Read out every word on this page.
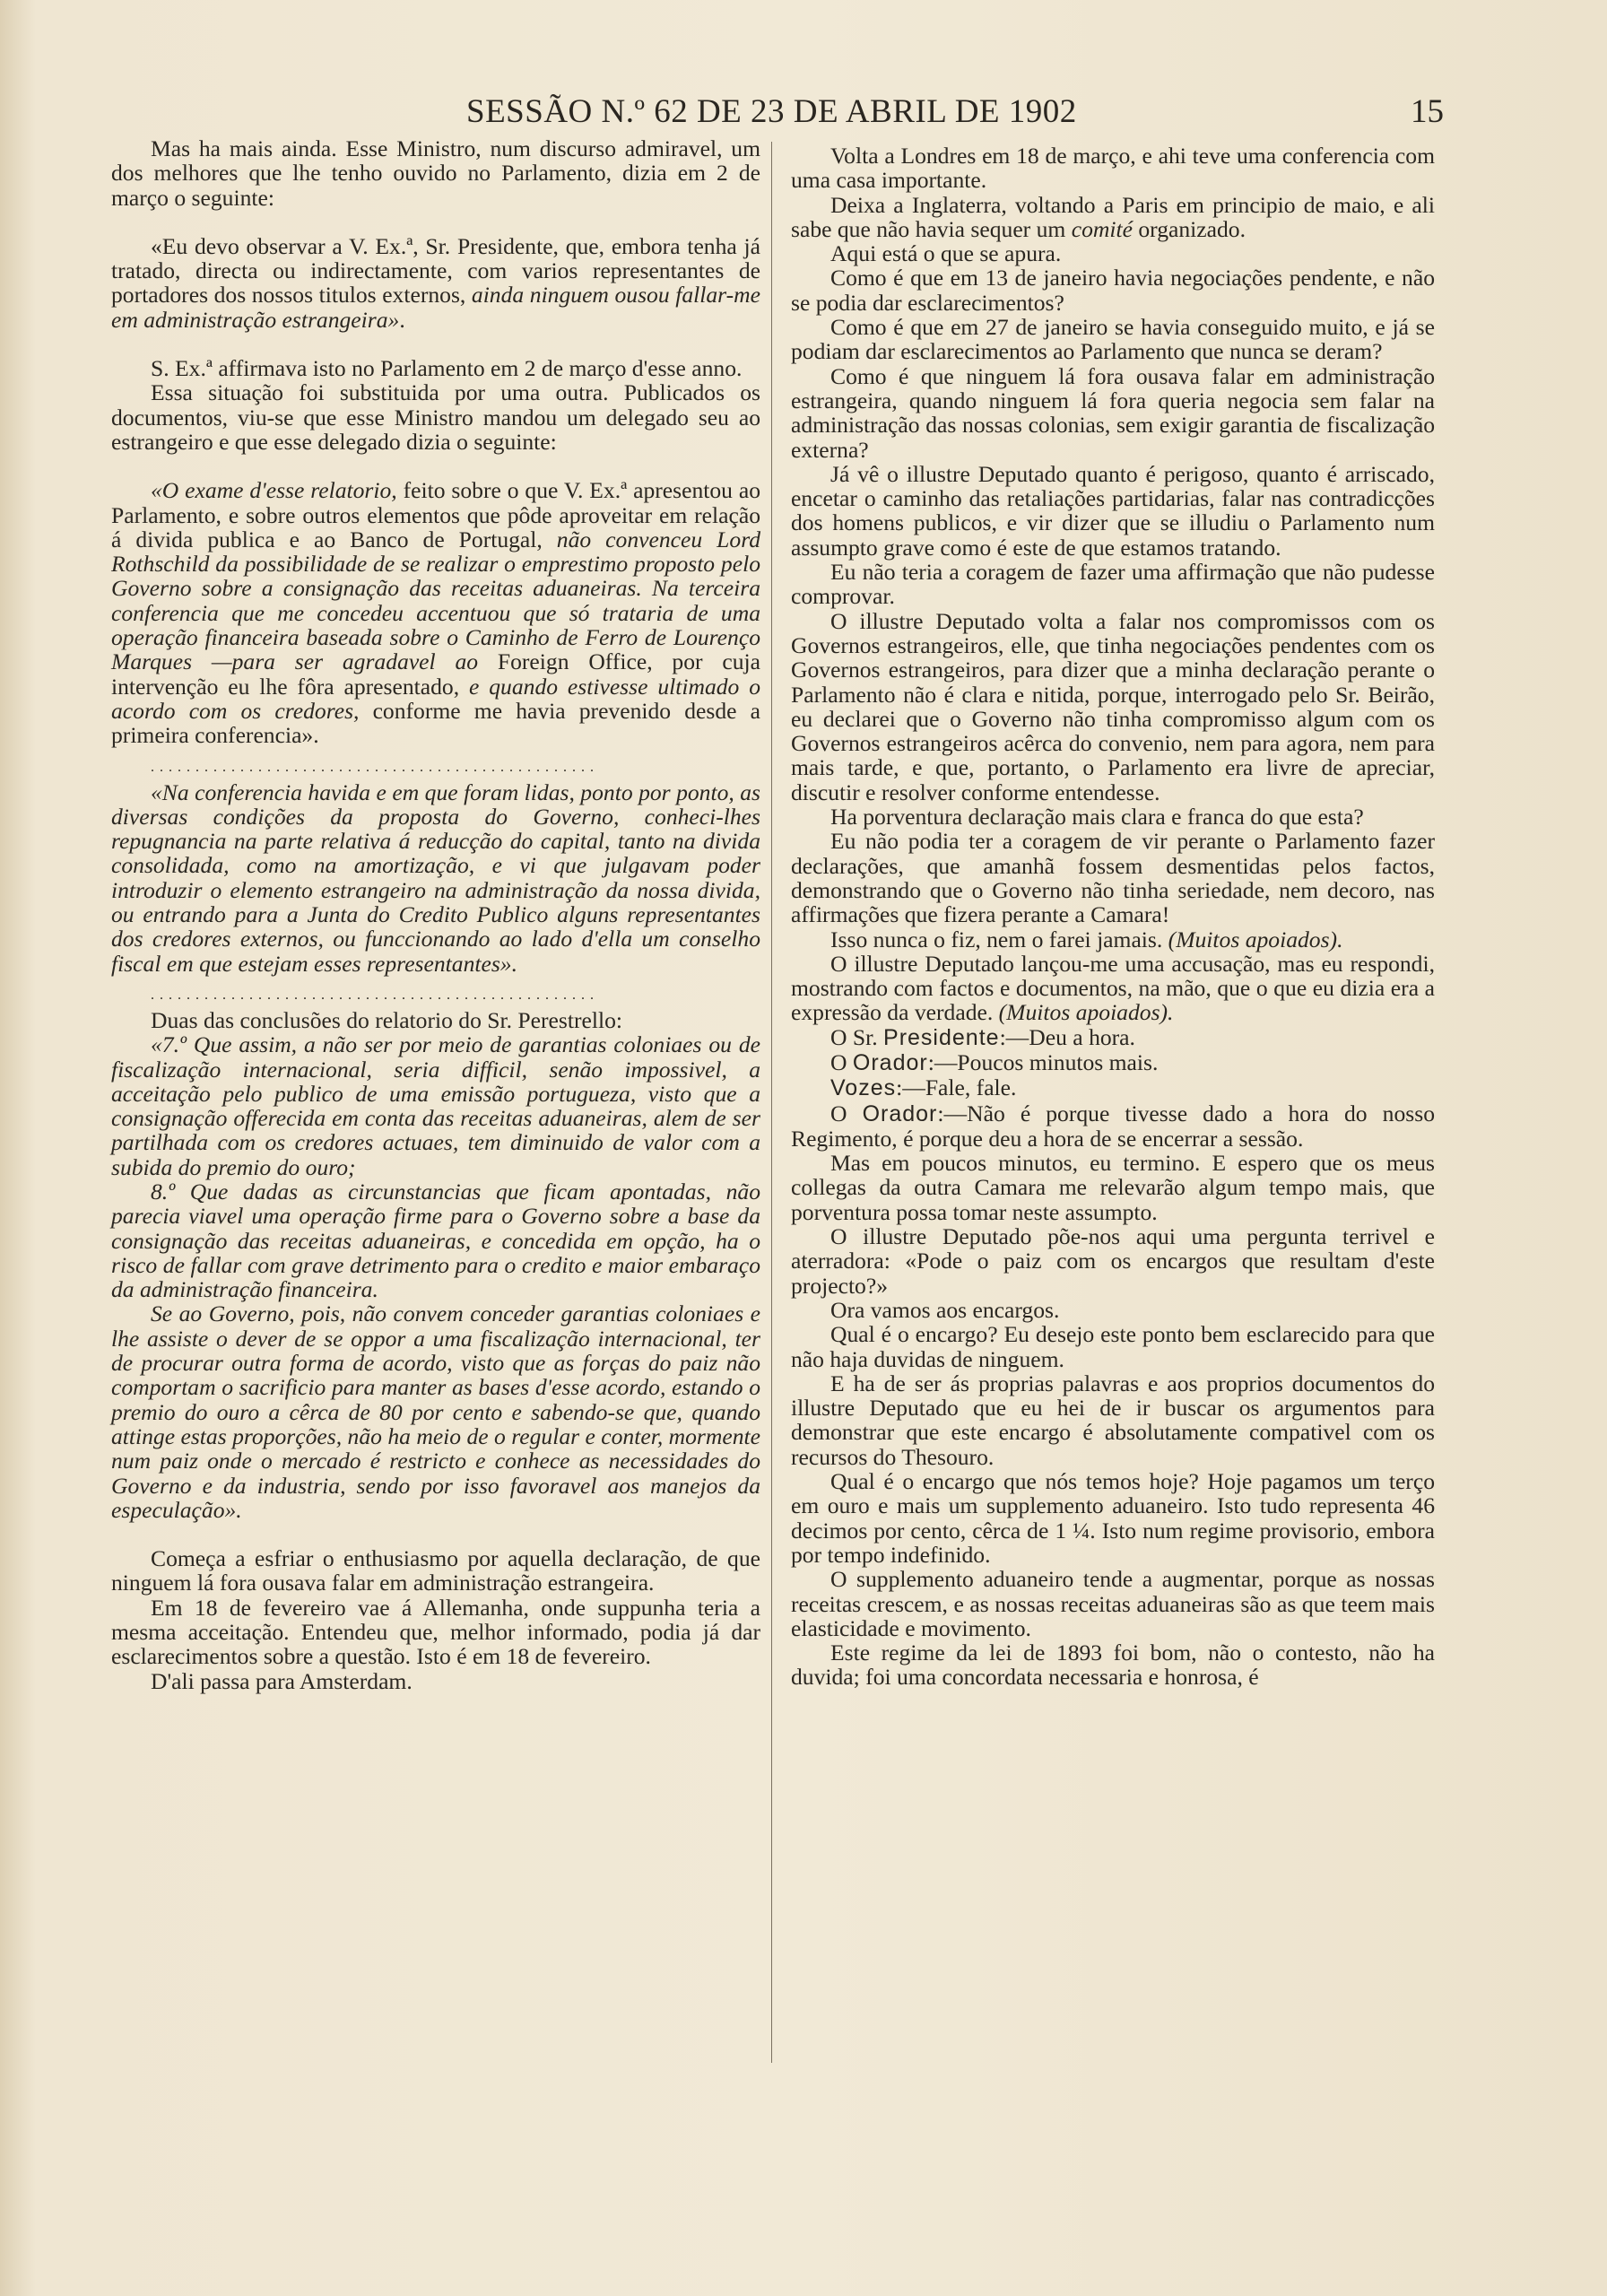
SESSÃO N.º 62 DE 23 DE ABRIL DE 1902	15

Mas ha mais ainda. Esse Ministro, num discurso admiravel, um dos melhores que lhe tenho ouvido no Parlamento, dizia em 2 de março o seguinte:

«Eu devo observar a V. Ex.ª, Sr. Presidente, que, embora tenha já tratado, directa ou indirectamente, com varios representantes de portadores dos nossos titulos externos, ainda ninguem ousou fallar-me em administração estrangeira».

S. Ex.ª affirmava isto no Parlamento em 2 de março d'esse anno.

Essa situação foi substituida por uma outra. Publicados os documentos, viu-se que esse Ministro mandou um delegado seu ao estrangeiro e que esse delegado dizia o seguinte:

«O exame d'esse relatorio, feito sobre o que V. Ex.ª apresentou ao Parlamento, e sobre outros elementos que pôde aproveitar em relação á divida publica e ao Banco de Portugal, não convenceu Lord Rothschild da possibilidade de se realizar o emprestimo proposto pelo Governo sobre a consignação das receitas aduaneiras. Na terceira conferencia que me concedeu accentuou que só trataria de uma operação financeira baseada sobre o Caminho de Ferro de Lourenço Marques —para ser agradavel ao Foreign Office, por cuja intervenção eu lhe fôra apresentado, e quando estivesse ultimado o acordo com os credores, conforme me havia prevenido desde a primeira conferencia».

..................................................

«Na conferencia havida e em que foram lidas, ponto por ponto, as diversas condições da proposta do Governo, conheci-lhes repugnancia na parte relativa á reducção do capital, tanto na divida consolidada, como na amortização, e vi que julgavam poder introduzir o elemento estrangeiro na administração da nossa divida, ou entrando para a Junta do Credito Publico alguns representantes dos credores externos, ou funccionando ao lado d'ella um conselho fiscal em que estejam esses representantes».

..................................................

Duas das conclusões do relatorio do Sr. Perestrello:

«7.º Que assim, a não ser por meio de garantias coloniaes ou de fiscalização internacional, seria difficil, senão impossivel, a acceitação pelo publico de uma emissão portugueza, visto que a consignação offerecida em conta das receitas aduaneiras, alem de ser partilhada com os credores actuaes, tem diminuido de valor com a subida do premio do ouro;

8.º Que dadas as circunstancias que ficam apontadas, não parecia viavel uma operação firme para o Governo sobre a base da consignação das receitas aduaneiras, e concedida em opção, ha o risco de fallar com grave detrimento para o credito e maior embaraço da administração financeira.

Se ao Governo, pois, não convem conceder garantias coloniaes e lhe assiste o dever de se oppor a uma fiscalização internacional, ter de procurar outra forma de acordo, visto que as forças do paiz não comportam o sacrificio para manter as bases d'esse acordo, estando o premio do ouro a cêrca de 80 por cento e sabendo-se que, quando attinge estas proporções, não ha meio de o regular e conter, mormente num paiz onde o mercado é restricto e conhece as necessidades do Governo e da industria, sendo por isso favoravel aos manejos da especulação».

Começa a esfriar o enthusiasmo por aquella declaração, de que ninguem lá fora ousava falar em administração estrangeira.

Em 18 de fevereiro vae á Allemanha, onde suppunha teria a mesma acceitação. Entendeu que, melhor informado, podia já dar esclarecimentos sobre a questão. Isto é em 18 de fevereiro.

D'ali passa para Amsterdam.

Volta a Londres em 18 de março, e ahi teve uma conferencia com uma casa importante.

Deixa a Inglaterra, voltando a Paris em principio de maio, e ali sabe que não havia sequer um comité organizado.

Aqui está o que se apura.

Como é que em 13 de janeiro havia negociações pendente, e não se podia dar esclarecimentos?

Como é que em 27 de janeiro se havia conseguido muito, e já se podiam dar esclarecimentos ao Parlamento que nunca se deram?

Como é que ninguem lá fora ousava falar em administração estrangeira, quando ninguem lá fora queria negocia sem falar na administração das nossas colonias, sem exigir garantia de fiscalização externa?

Já vê o illustre Deputado quanto é perigoso, quanto é arriscado, encetar o caminho das retaliações partidarias, falar nas contradicções dos homens publicos, e vir dizer que se illudiu o Parlamento num assumpto grave como é este de que estamos tratando.

Eu não teria a coragem de fazer uma affirmação que não pudesse comprovar.

O illustre Deputado volta a falar nos compromissos com os Governos estrangeiros, elle, que tinha negociações pendentes com os Governos estrangeiros, para dizer que a minha declaração perante o Parlamento não é clara e nitida, porque, interrogado pelo Sr. Beirão, eu declarei que o Governo não tinha compromisso algum com os Governos estrangeiros acêrca do convenio, nem para agora, nem para mais tarde, e que, portanto, o Parlamento era livre de apreciar, discutir e resolver conforme entendesse.

Ha porventura declaração mais clara e franca do que esta?

Eu não podia ter a coragem de vir perante o Parlamento fazer declarações, que amanhã fossem desmentidas pelos factos, demonstrando que o Governo não tinha seriedade, nem decoro, nas affirmações que fizera perante a Camara!

Isso nunca o fiz, nem o farei jamais. (Muitos apoiados).

O illustre Deputado lançou-me uma accusação, mas eu respondi, mostrando com factos e documentos, na mão, que o que eu dizia era a expressão da verdade. (Muitos apoiados).

O Sr. Presidente:—Deu a hora.

O Orador:—Poucos minutos mais.

Vozes:—Fale, fale.

O Orador:—Não é porque tivesse dado a hora do nosso Regimento, é porque deu a hora de se encerrar a sessão.

Mas em poucos minutos, eu termino. E espero que os meus collegas da outra Camara me relevarão algum tempo mais, que porventura possa tomar neste assumpto.

O illustre Deputado põe-nos aqui uma pergunta terrivel e aterradora: «Pode o paiz com os encargos que resultam d'este projecto?»

Ora vamos aos encargos.

Qual é o encargo? Eu desejo este ponto bem esclarecido para que não haja duvidas de ninguem.

E ha de ser ás proprias palavras e aos proprios documentos do illustre Deputado que eu hei de ir buscar os argumentos para demonstrar que este encargo é absolutamente compativel com os recursos do Thesouro.

Qual é o encargo que nós temos hoje? Hoje pagamos um terço em ouro e mais um supplemento aduaneiro. Isto tudo representa 46 decimos por cento, cêrca de 1 ¼. Isto num regime provisorio, embora por tempo indefinido.

O supplemento aduaneiro tende a augmentar, porque as nossas receitas crescem, e as nossas receitas aduaneiras são as que teem mais elasticidade e movimento.

Este regime da lei de 1893 foi bom, não o contesto, não ha duvida; foi uma concordata necessaria e honrosa, é
